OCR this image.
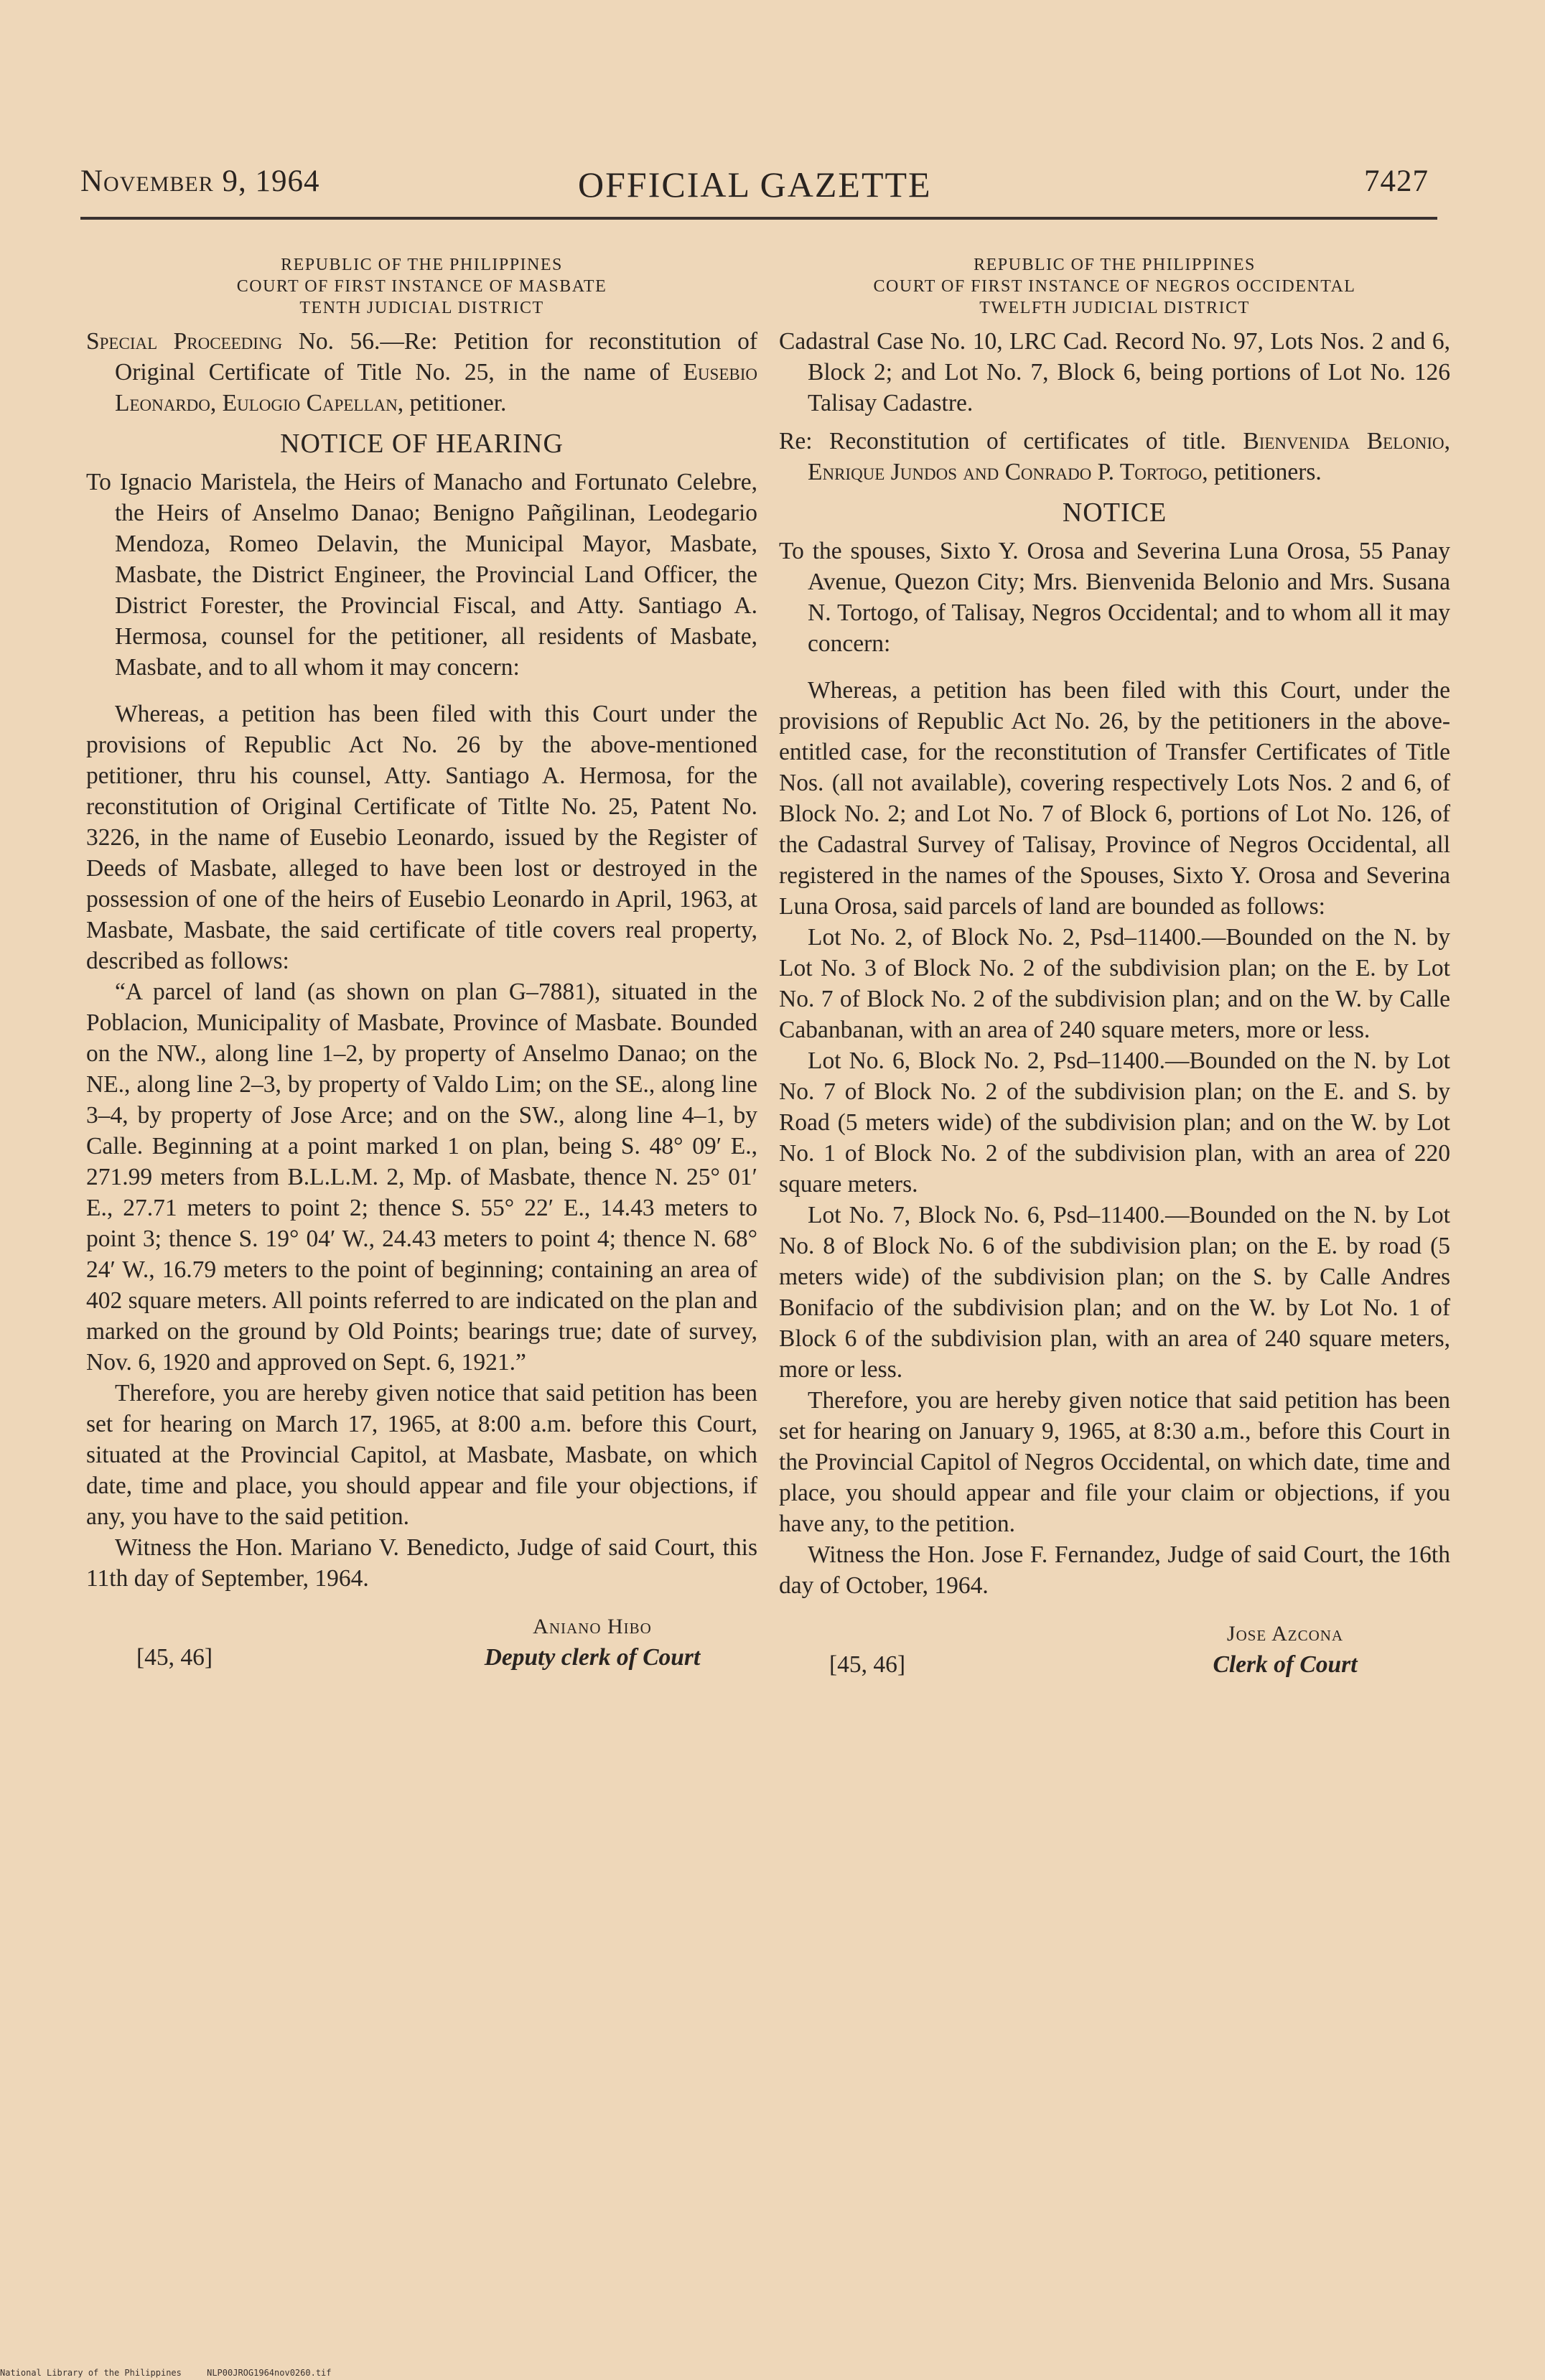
November 9, 1964	OFFICIAL GAZETTE	7427
REPUBLIC OF THE PHILIPPINES
COURT OF FIRST INSTANCE OF MASBATE
TENTH JUDICIAL DISTRICT

Special Proceeding No. 56.—Re: Petition for reconstitution of Original Certificate of Title No. 25, in the name of Eusebio Leonardo, Eulogio Capellan, petitioner.

NOTICE OF HEARING

To Ignacio Maristela, the Heirs of Manacho and Fortunato Celebre, the Heirs of Anselmo Danao; Benigno Pañgilinan, Leodegario Mendoza, Romeo Delavin, the Municipal Mayor, Masbate, Masbate, the District Engineer, the Provincial Land Officer, the District Forester, the Provincial Fiscal, and Atty. Santiago A. Hermosa, counsel for the petitioner, all residents of Masbate, Masbate, and to all whom it may concern:

Whereas, a petition has been filed with this Court under the provisions of Republic Act No. 26 by the above-mentioned petitioner, thru his counsel, Atty. Santiago A. Hermosa, for the reconstitution of Original Certificate of Titlte No. 25, Patent No. 3226, in the name of Eusebio Leonardo, issued by the Register of Deeds of Masbate, alleged to have been lost or destroyed in the possession of one of the heirs of Eusebio Leonardo in April, 1963, at Masbate, Masbate, the said certificate of title covers real property, described as follows:

“A parcel of land (as shown on plan G–7881), situated in the Poblacion, Municipality of Masbate, Province of Masbate. Bounded on the NW., along line 1–2, by property of Anselmo Danao; on the NE., along line 2–3, by property of Valdo Lim; on the SE., along line 3–4, by property of Jose Arce; and on the SW., along line 4–1, by Calle. Beginning at a point marked 1 on plan, being S. 48° 09′ E., 271.99 meters from B.L.L.M. 2, Mp. of Masbate, thence N. 25° 01′ E., 27.71 meters to point 2; thence S. 55° 22′ E., 14.43 meters to point 3; thence S. 19° 04′ W., 24.43 meters to point 4; thence N. 68° 24′ W., 16.79 meters to the point of beginning; containing an area of 402 square meters. All points referred to are indicated on the plan and marked on the ground by Old Points; bearings true; date of survey, Nov. 6, 1920 and approved on Sept. 6, 1921.”

Therefore, you are hereby given notice that said petition has been set for hearing on March 17, 1965, at 8:00 a.m. before this Court, situated at the Provincial Capitol, at Masbate, Masbate, on which date, time and place, you should appear and file your objections, if any, you have to the said petition.

Witness the Hon. Mariano V. Benedicto, Judge of said Court, this 11th day of September, 1964.

[45, 46]
Aniano Hibo
Deputy clerk of Court
REPUBLIC OF THE PHILIPPINES
COURT OF FIRST INSTANCE OF NEGROS OCCIDENTAL
TWELFTH JUDICIAL DISTRICT

Cadastral Case No. 10, LRC Cad. Record No. 97, Lots Nos. 2 and 6, Block 2; and Lot No. 7, Block 6, being portions of Lot No. 126 Talisay Cadastre.

Re: Reconstitution of certificates of title. Bienvenida Belonio, Enrique Jundos and Conrado P. Tortogo, petitioners.

NOTICE

To the spouses, Sixto Y. Orosa and Severina Luna Orosa, 55 Panay Avenue, Quezon City; Mrs. Bienvenida Belonio and Mrs. Susana N. Tortogo, of Talisay, Negros Occidental; and to whom all it may concern:

Whereas, a petition has been filed with this Court, under the provisions of Republic Act No. 26, by the petitioners in the above-entitled case, for the reconstitution of Transfer Certificates of Title Nos. (all not available), covering respectively Lots Nos. 2 and 6, of Block No. 2; and Lot No. 7 of Block 6, portions of Lot No. 126, of the Cadastral Survey of Talisay, Province of Negros Occidental, all registered in the names of the Spouses, Sixto Y. Orosa and Severina Luna Orosa, said parcels of land are bounded as follows:

Lot No. 2, of Block No. 2, Psd–11400.—Bounded on the N. by Lot No. 3 of Block No. 2 of the subdivision plan; on the E. by Lot No. 7 of Block No. 2 of the subdivision plan; and on the W. by Calle Cabanbanan, with an area of 240 square meters, more or less.

Lot No. 6, Block No. 2, Psd–11400.—Bounded on the N. by Lot No. 7 of Block No. 2 of the subdivision plan; on the E. and S. by Road (5 meters wide) of the subdivision plan; and on the W. by Lot No. 1 of Block No. 2 of the subdivision plan, with an area of 220 square meters.

Lot No. 7, Block No. 6, Psd–11400.—Bounded on the N. by Lot No. 8 of Block No. 6 of the subdivision plan; on the E. by road (5 meters wide) of the subdivision plan; on the S. by Calle Andres Bonifacio of the subdivision plan; and on the W. by Lot No. 1 of Block 6 of the subdivision plan, with an area of 240 square meters, more or less.

Therefore, you are hereby given notice that said petition has been set for hearing on January 9, 1965, at 8:30 a.m., before this Court in the Provincial Capitol of Negros Occidental, on which date, time and place, you should appear and file your claim or objections, if you have any, to the petition.

Witness the Hon. Jose F. Fernandez, Judge of said Court, the 16th day of October, 1964.

[45, 46]
Jose Azcona
Clerk of Court
National Library of the Philippines	NLP00JROG1964nov0260.tif
